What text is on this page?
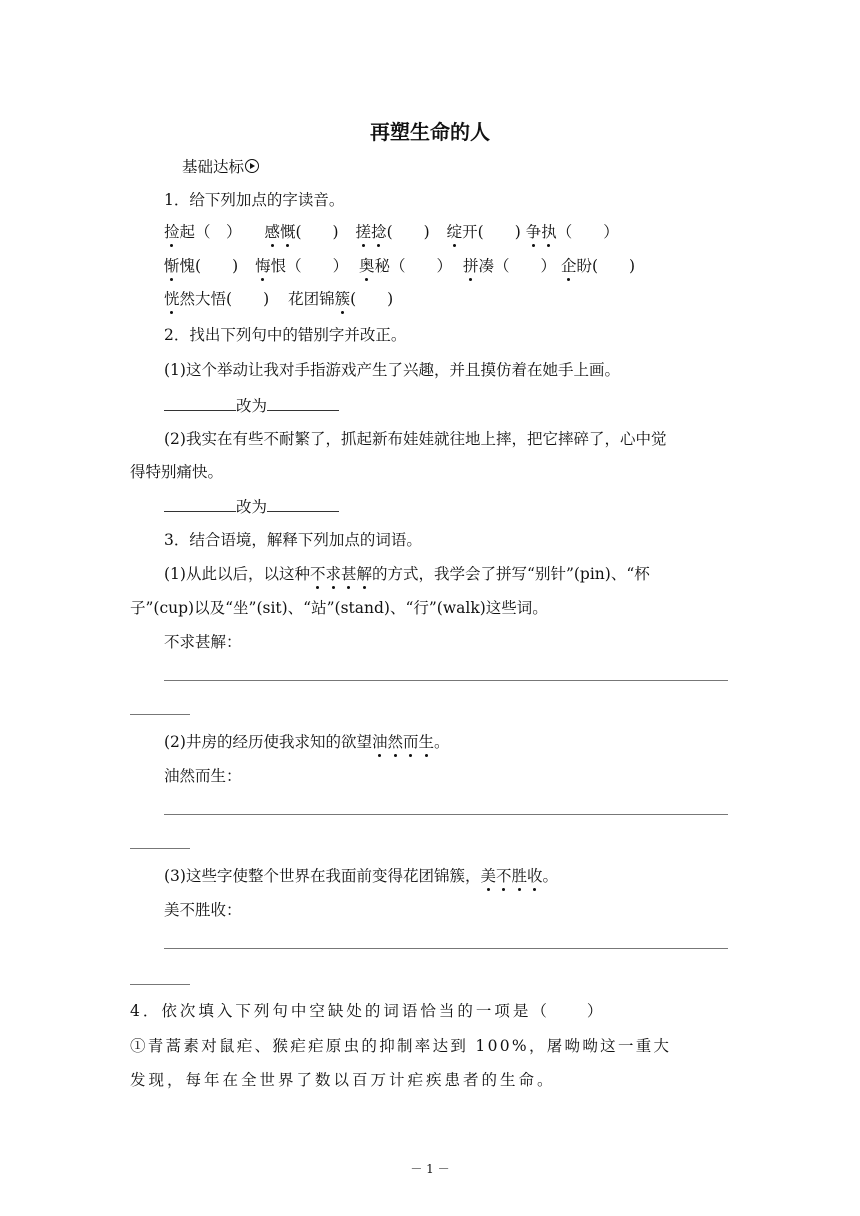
再塑生命的人
基础达标
1．给下列加点的字读音。
捡起（　） 感慨(　　) 搓捻(　　) 绽开(　　) 争执（　　）
惭愧(　　) 悔恨（　　） 奥秘（　　） 拼凑（　　） 企盼(　　)
恍然大悟(　　) 花团锦簇(　　)
2．找出下列句中的错别字并改正。
(1)这个举动让我对手指游戏产生了兴趣，并且摸仿着在她手上画。
改为
(2)我实在有些不耐繁了，抓起新布娃娃就往地上摔，把它摔碎了，心中觉
得特别痛快。
改为
3．结合语境，解释下列加点的词语。
(1)从此以后，以这种不求甚解的方式，我学会了拼写“别针”(pin)、“杯
子”(cup)以及“坐”(sit)、“站”(stand)、“行”(walk)这些词。
不求甚解：
(2)井房的经历使我求知的欲望油然而生。
油然而生：
(3)这些字使整个世界在我面前变得花团锦簇，美不胜收。
美不胜收：
4．依次填入下列句中空缺处的词语恰当的一项是（　　）
①青蒿素对鼠疟、猴疟疟原虫的抑制率达到 100%，屠呦呦这一重大
发现，每年在全世界了数以百万计疟疾患者的生命。
－ 1 －
